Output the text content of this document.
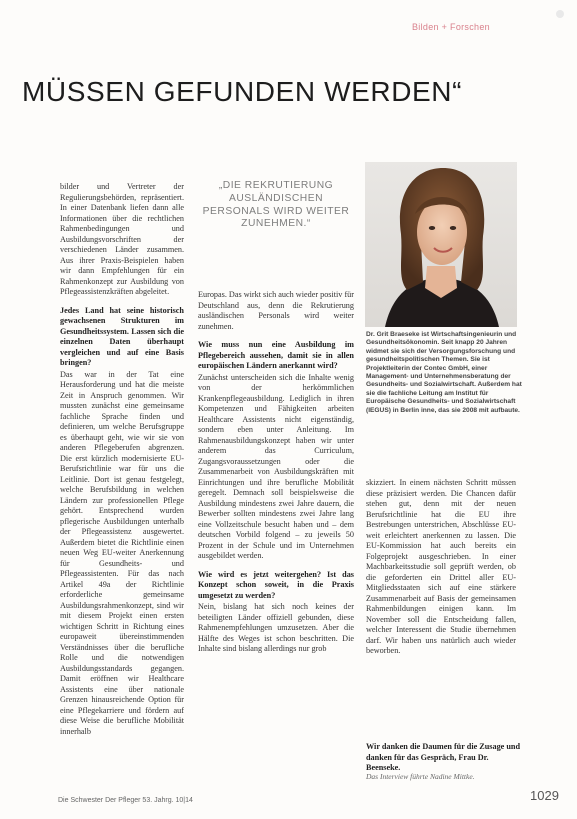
Bilden + Forschen
MÜSSEN GEFUNDEN WERDEN“

bilder und Vertreter der Regulierungsbehörden, repräsentiert. In einer Datenbank liefen dann alle Informationen über die rechtlichen Rahmenbedingungen und Ausbildungsvorschriften der verschiedenen Länder zusammen. Aus ihrer Praxis-Beispielen haben wir dann Empfehlungen für ein Rahmenkonzept zur Ausbildung von Pflegeassistenzkräften abgeleitet.

Jedes Land hat seine historisch gewachsenen Strukturen im Gesundheitssystem. Lassen sich die einzelnen Daten überhaupt vergleichen und auf eine Basis bringen?

Das war in der Tat eine Herausforderung und hat die meiste Zeit in Anspruch genommen. Wir mussten zunächst eine gemeinsame fachliche Sprache finden und definieren, um welche Berufsgruppe es überhaupt geht, wie wir sie von anderen Pflegeberufen abgrenzen. Die erst kürzlich modernisierte EU-Berufsrichtlinie war für uns die Leitlinie. Dort ist genau festgelegt, welche Berufsbildung in welchen Ländern zur professionellen Pflege gehört. Entsprechend wurden pflegerische Ausbildungen unterhalb der Pflegeassistenz ausgewertet. Außerdem bietet die Richtlinie einen neuen Weg EU-weiter Anerkennung für Gesundheits- und Pflegeassistenten. Für das nach Artikel 49a der Richtlinie erforderliche gemeinsame Ausbildungsrahmenkonzept, sind wir mit diesem Projekt einen ersten wichtigen Schritt in Richtung eines europaweit übereinstimmenden Verständnisses über die berufliche Rolle und die notwendigen Ausbildungsstandards gegangen. Damit eröffnen wir Healthcare Assistents eine über nationale Grenzen hinausreichende Option für eine Pflegekarriere und fördern auf diese Weise die berufliche Mobilität innerhalb

„DIE REKRUTIERUNG AUSLÄNDISCHEN PERSONALS WIRD WEITER ZUNEHMEN.“

Europas. Das wirkt sich auch wieder positiv für Deutschland aus, denn die Rekrutierung ausländischen Personals wird weiter zunehmen.

Wie muss nun eine Ausbildung im Pflegebereich aussehen, damit sie in allen europäischen Ländern anerkannt wird?

Zunächst unterscheiden sich die Inhalte wenig von der herkömmlichen Krankenpflegeausbildung. Lediglich in ihren Kompetenzen und Fähigkeiten arbeiten Healthcare Assistents nicht eigenständig, sondern eben unter Anleitung. Im Rahmenausbildungskonzept haben wir unter anderem das Curriculum, Zugangsvoraussetzungen oder die Zusammenarbeit von Ausbildungskräften mit Einrichtungen und ihre berufliche Mobilität geregelt. Demnach soll beispielsweise die Ausbildung mindestens zwei Jahre dauern, die Bewerber sollten mindestens zwei Jahre lang eine Vollzeitschule besucht haben und – dem deutschen Vorbild folgend – zu jeweils 50 Prozent in der Schule und im Unternehmen ausgebildet werden.

Wie wird es jetzt weitergehen? Ist das Konzept schon soweit, in die Praxis umgesetzt zu werden?

Nein, bislang hat sich noch keines der beteiligten Länder offiziell gebunden, diese Rahmenempfehlungen umzusetzen. Aber die Hälfte des Weges ist schon beschritten. Die Inhalte sind bislang allerdings nur grob

Dr. Grit Braeseke ist Wirtschaftsingenieurin und Gesundheitsökonomin. Seit knapp 20 Jahren widmet sie sich der Versorgungsforschung und gesundheitspolitischen Themen. Sie ist Projektleiterin der Contec GmbH, einer Management- und Unternehmensberatung der Gesundheits- und Sozialwirtschaft. Außerdem hat sie die fachliche Leitung am Institut für Europäische Gesundheits- und Sozialwirtschaft (IEGUS) in Berlin inne, das sie 2008 mit aufbaute.

skizziert. In einem nächsten Schritt müssen diese präzisiert werden. Die Chancen dafür stehen gut, denn mit der neuen Berufsrichtlinie hat die EU ihre Bestrebungen unterstrichen, Abschlüsse EU-weit erleichtert anerkennen zu lassen. Die EU-Kommission hat auch bereits ein Folgeprojekt ausgeschrieben. In einer Machbarkeitsstudie soll geprüft werden, ob die geforderten ein Drittel aller EU-Mitgliedsstaaten sich auf eine stärkere Zusammenarbeit auf Basis der gemeinsamen Rahmenbildungen einigen kann. Im November soll die Entscheidung fallen, welcher Interessent die Studie übernehmen darf. Wir haben uns natürlich auch wieder beworben.

Wir danken die Daumen für die Zusage und danken für das Gespräch, Frau Dr. Beenseke.
Das Interview führte Nadine Mittke.
Die Schwester Der Pfleger 53. Jahrg. 10|14	1029
